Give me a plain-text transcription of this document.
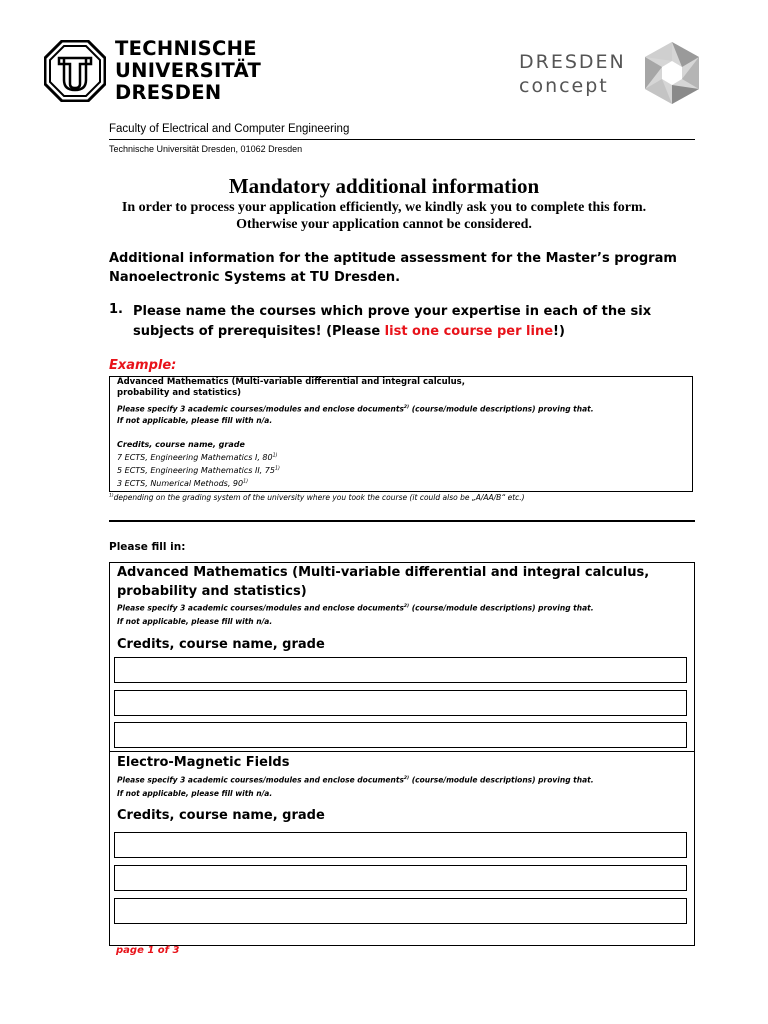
TECHNISCHE
UNIVERSITÄT
DRESDEN
DRESDEN
concept
Faculty of Electrical and Computer Engineering
Technische Universität Dresden, 01062 Dresden
Mandatory additional information
In order to process your application efficiently, we kindly ask you to complete this form.
Otherwise your application cannot be considered.
Additional information for the aptitude assessment for the Master’s program
Nanoelectronic Systems at TU Dresden.
1. Please name the courses which prove your expertise in each of the six subjects of prerequisites! (Please list one course per line!)
Example:
Advanced Mathematics (Multi-variable differential and integral calculus,
probability and statistics)
Please specify 3 academic courses/modules and enclose documents$^{2)}$ (course/module descriptions) proving that.
If not applicable, please fill with n/a.
Credits, course name, grade
7 ECTS, Engineering Mathematics I, 80$^{1)}$
5 ECTS, Engineering Mathematics II, 75$^{1)}$
3 ECTS, Numerical Methods, 90$^{1)}$
$^{1)}$depending on the grading system of the university where you took the course (it could also be „A/AA/B“ etc.)
Please fill in:
Advanced Mathematics (Multi-variable differential and integral calculus,
probability and statistics)
Please specify 3 academic courses/modules and enclose documents$^{2)}$ (course/module descriptions) proving that.
If not applicable, please fill with n/a.
Credits, course name, grade
Electro-Magnetic Fields
Please specify 3 academic courses/modules and enclose documents$^{2)}$ (course/module descriptions) proving that.
If not applicable, please fill with n/a.
Credits, course name, grade
page 1 of 3
